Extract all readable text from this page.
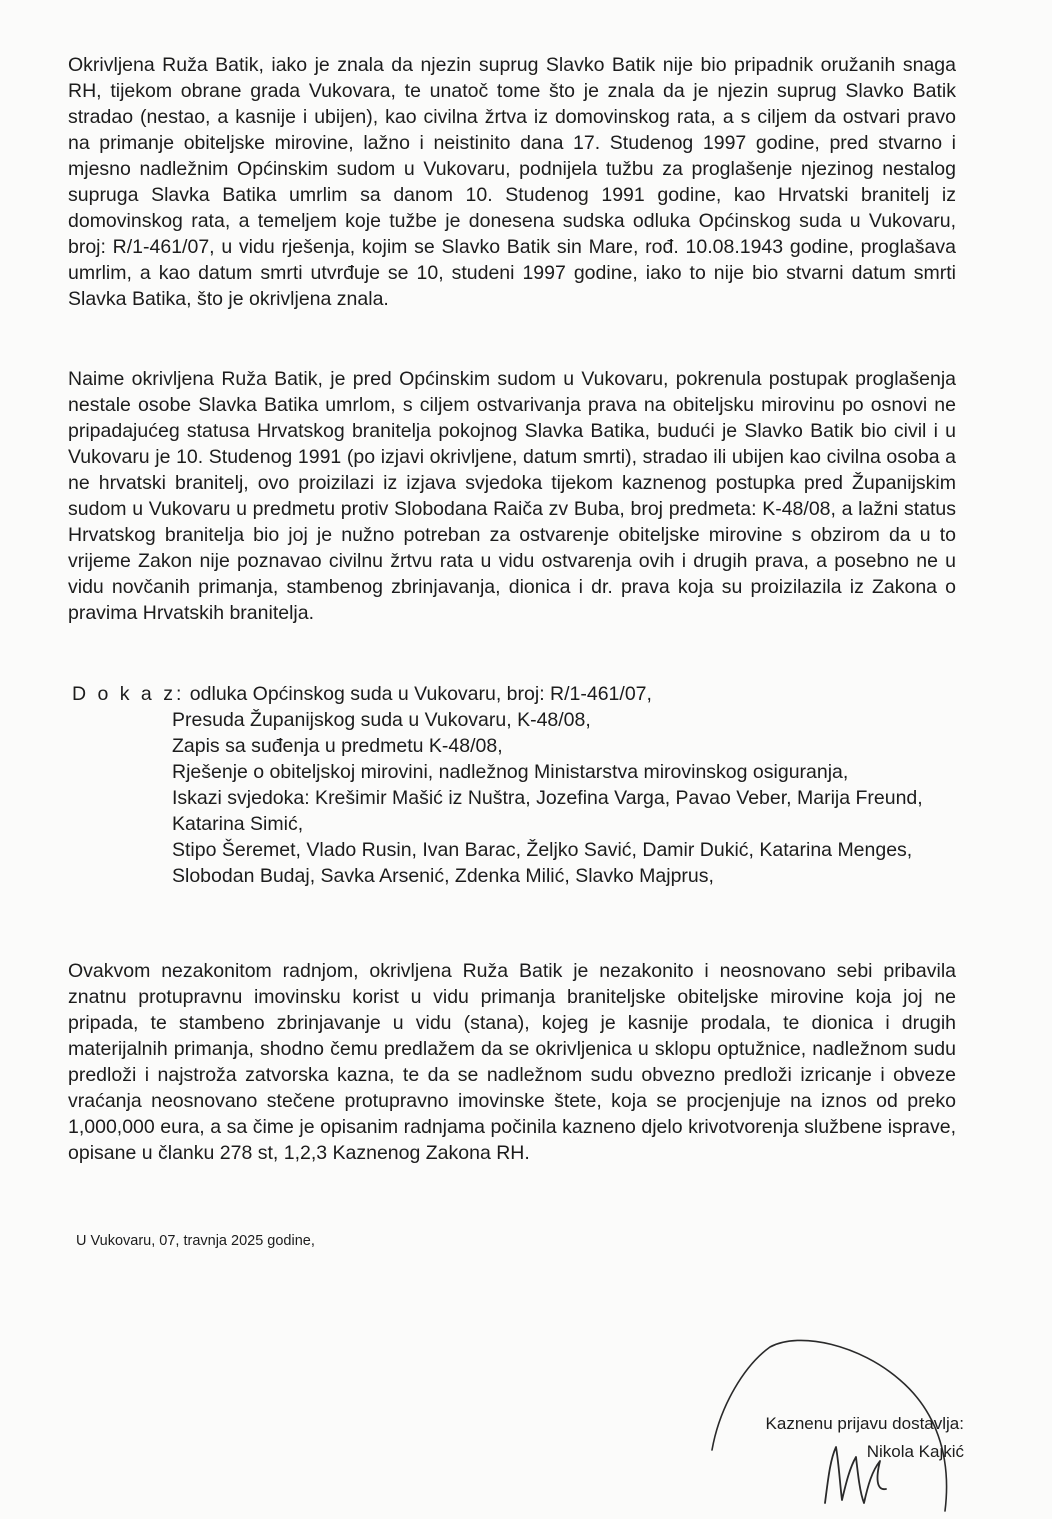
Okrivljena Ruža Batik, iako je znala da njezin suprug Slavko Batik nije bio pripadnik oružanih snaga RH, tijekom obrane grada Vukovara, te unatoč tome što je znala da je njezin suprug Slavko Batik stradao (nestao, a kasnije i ubijen), kao civilna žrtva iz domovinskog rata, a s ciljem da ostvari pravo na primanje obiteljske mirovine, lažno i neistinito dana 17. Studenog 1997 godine, pred stvarno i mjesno nadležnim Općinskim sudom u Vukovaru, podnijela tužbu za proglašenje njezinog nestalog supruga Slavka Batika umrlim sa danom 10. Studenog 1991 godine, kao Hrvatski branitelj iz domovinskog rata, a temeljem koje tužbe je donesena sudska odluka Općinskog suda u Vukovaru, broj: R/1-461/07, u vidu rješenja, kojim se Slavko Batik sin Mare, rođ. 10.08.1943 godine, proglašava umrlim, a kao datum smrti utvrđuje se 10, studeni 1997 godine, iako to nije bio stvarni datum smrti Slavka Batika, što je okrivljena znala.

Naime okrivljena Ruža Batik, je pred Općinskim sudom u Vukovaru, pokrenula postupak proglašenja nestale osobe Slavka Batika umrlom, s ciljem ostvarivanja prava na obiteljsku mirovinu po osnovi ne pripadajućeg statusa Hrvatskog branitelja pokojnog Slavka Batika, budući je Slavko Batik bio civil i u Vukovaru je 10. Studenog 1991 (po izjavi okrivljene, datum smrti), stradao ili ubijen kao civilna osoba a ne hrvatski branitelj, ovo proizilazi iz izjava svjedoka tijekom kaznenog postupka pred Županijskim sudom u Vukovaru u predmetu protiv Slobodana Raiča zv Buba, broj predmeta: K-48/08, a lažni status Hrvatskog branitelja bio joj je nužno potreban za ostvarenje obiteljske mirovine s obzirom da u to vrijeme Zakon nije poznavao civilnu žrtvu rata u vidu ostvarenja ovih i drugih prava, a posebno ne u vidu novčanih primanja, stambenog zbrinjavanja, dionica i dr. prava koja su proizilazila iz Zakona o pravima Hrvatskih branitelja.

D o k a z: odluka Općinskog suda u Vukovaru, broj: R/1-461/07,
Presuda Županijskog suda u Vukovaru, K-48/08,
Zapis sa suđenja u predmetu K-48/08,
Rješenje o obiteljskoj mirovini, nadležnog Ministarstva mirovinskog osiguranja,
Iskazi svjedoka: Krešimir Mašić iz Nuštra, Jozefina Varga, Pavao Veber, Marija Freund, Katarina Simić,
Stipo Šeremet, Vlado Rusin, Ivan Barac, Željko Savić, Damir Dukić, Katarina Menges, Slobodan Budaj, Savka Arsenić, Zdenka Milić, Slavko Majprus,

Ovakvom nezakonitom radnjom, okrivljena Ruža Batik je nezakonito i neosnovano sebi pribavila znatnu protupravnu imovinsku korist u vidu primanja braniteljske obiteljske mirovine koja joj ne pripada, te stambeno zbrinjavanje u vidu (stana), kojeg je kasnije prodala, te dionica i drugih materijalnih primanja, shodno čemu predlažem da se okrivljenica u sklopu optužnice, nadležnom sudu predloži i najstroža zatvorska kazna, te da se nadležnom sudu obvezno predloži izricanje i obveze vraćanja neosnovano stečene protupravno imovinske štete, koja se procjenjuje na iznos od preko 1,000,000 eura, a sa čime je opisanim radnjama počinila kazneno djelo krivotvorenja službene isprave, opisane u članku 278 st, 1,2,3 Kaznenog Zakona RH.

U Vukovaru, 07, travnja 2025 godine,
Kaznenu prijavu dostavlja:
Nikola Kajkić
